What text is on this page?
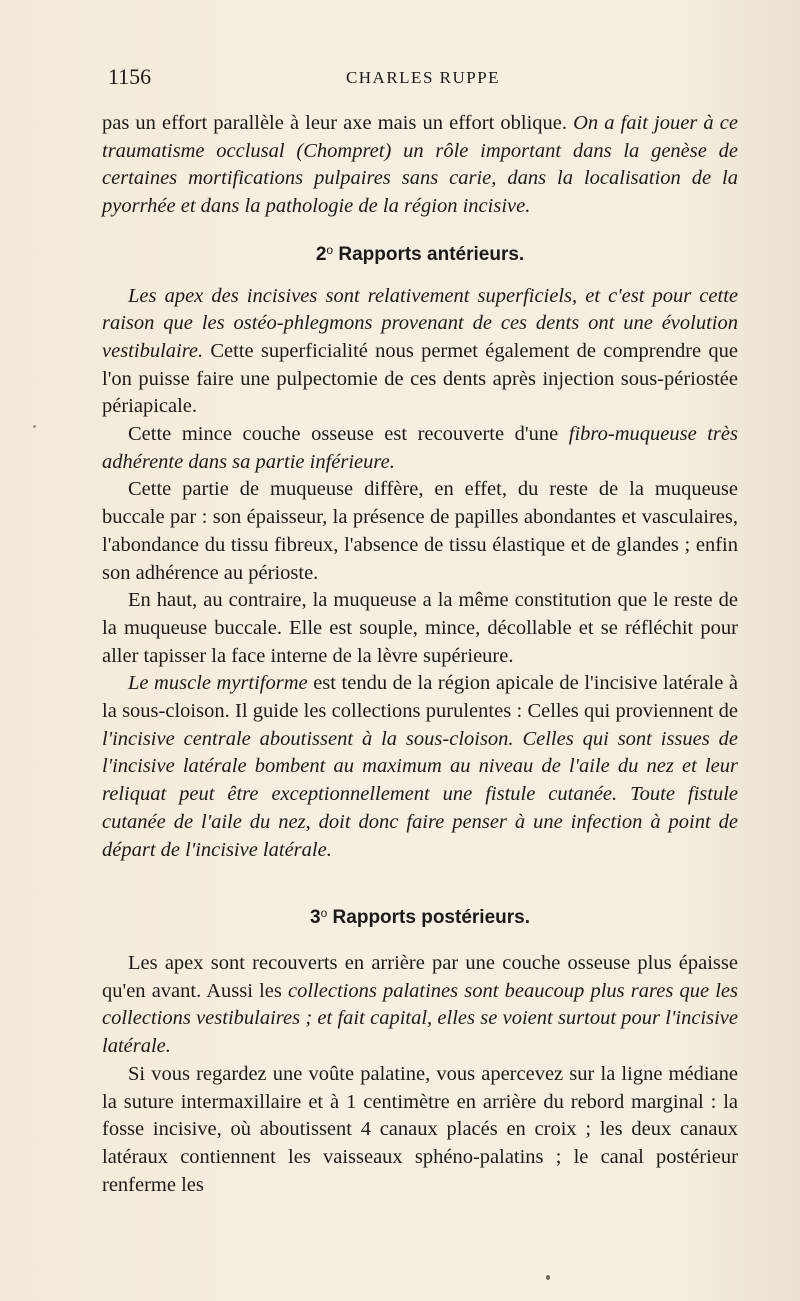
1156	CHARLES RUPPE

pas un effort parallèle à leur axe mais un effort oblique. On a fait jouer à ce traumatisme occlusal (Chompret) un rôle important dans la genèse de certaines mortifications pulpaires sans carie, dans la localisation de la pyorrhée et dans la pathologie de la région incisive.

2$^o$ Rapports antérieurs.

Les apex des incisives sont relativement superficiels, et c'est pour cette raison que les ostéo-phlegmons provenant de ces dents ont une évolution vestibulaire. Cette superficialité nous permet également de comprendre que l'on puisse faire une pulpectomie de ces dents après injection sous-périostée périapicale.

Cette mince couche osseuse est recouverte d'une fibro-muqueuse très adhérente dans sa partie inférieure.

Cette partie de muqueuse diffère, en effet, du reste de la muqueuse buccale par : son épaisseur, la présence de papilles abondantes et vasculaires, l'abondance du tissu fibreux, l'absence de tissu élastique et de glandes ; enfin son adhérence au périoste.

En haut, au contraire, la muqueuse a la même constitution que le reste de la muqueuse buccale. Elle est souple, mince, décollable et se réfléchit pour aller tapisser la face interne de la lèvre supérieure.

Le muscle myrtiforme est tendu de la région apicale de l'incisive latérale à la sous-cloison. Il guide les collections purulentes : Celles qui proviennent de l'incisive centrale aboutissent à la sous-cloison. Celles qui sont issues de l'incisive latérale bombent au maximum au niveau de l'aile du nez et leur reliquat peut être exceptionnellement une fistule cutanée. Toute fistule cutanée de l'aile du nez, doit donc faire penser à une infection à point de départ de l'incisive latérale.

3$^o$ Rapports postérieurs.

Les apex sont recouverts en arrière par une couche osseuse plus épaisse qu'en avant. Aussi les collections palatines sont beaucoup plus rares que les collections vestibulaires ; et fait capital, elles se voient surtout pour l'incisive latérale.

Si vous regardez une voûte palatine, vous apercevez sur la ligne médiane la suture intermaxillaire et à 1 centimètre en arrière du rebord marginal : la fosse incisive, où aboutissent 4 canaux placés en croix ; les deux canaux latéraux contiennent les vaisseaux sphéno-palatins ; le canal postérieur renferme les
